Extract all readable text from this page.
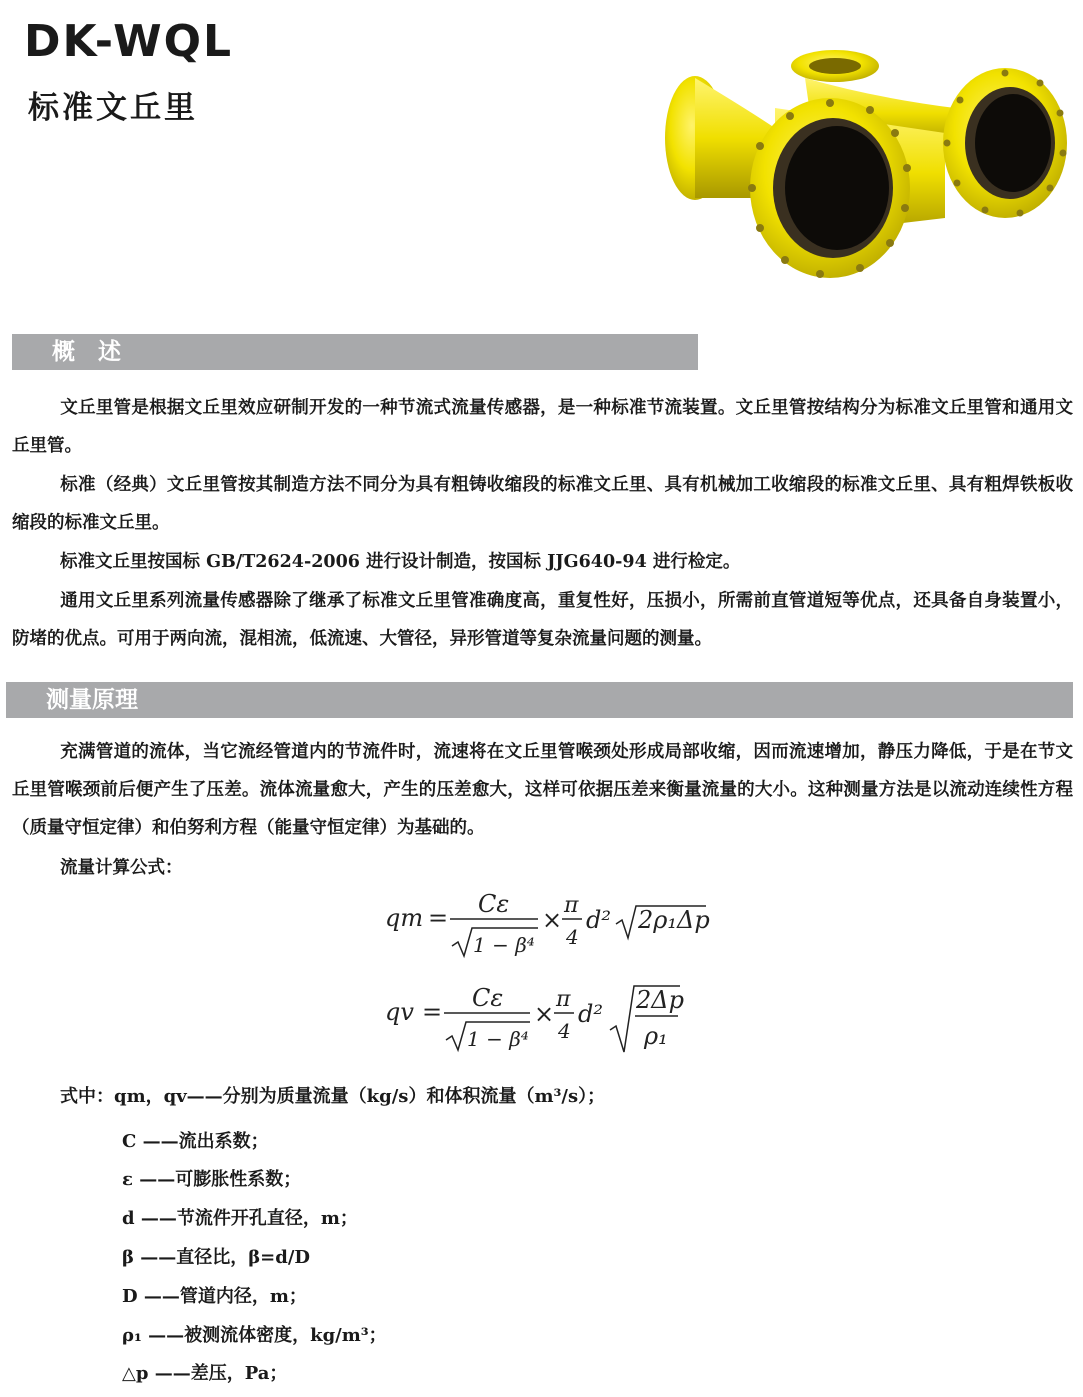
DK-WQL
标准文丘里
概　述

文丘里管是根据文丘里效应研制开发的一种节流式流量传感器，是一种标准节流装置。文丘里管按结构分为标准文丘里管和通用文丘里管。

标准（经典）文丘里管按其制造方法不同分为具有粗铸收缩段的标准文丘里、具有机械加工收缩段的标准文丘里、具有粗焊铁板收缩段的标准文丘里。

标准文丘里按国标 GB/T2624-2006 进行设计制造，按国标 JJG640-94 进行检定。

通用文丘里系列流量传感器除了继承了标准文丘里管准确度高，重复性好，压损小，所需前直管道短等优点，还具备自身装置小，防堵的优点。可用于两向流，混相流，低流速、大管径，异形管道等复杂流量问题的测量。

测量原理

充满管道的流体，当它流经管道内的节流件时，流速将在文丘里管喉颈处形成局部收缩，因而流速增加，静压力降低，于是在节文丘里管喉颈前后便产生了压差。流体流量愈大，产生的压差愈大，这样可依据压差来衡量流量的大小。这种测量方法是以流动连续性方程（质量守恒定律）和伯努利方程（能量守恒定律）为基础的。

流量计算公式：

qm = Cε
1 − β⁴
×
π
4
d² 2ρ₁Δp
qv = Cε
1 − β⁴
×
π
4
d² 2Δp
ρ₁
式中：qm，qv——分别为质量流量（kg/s）和体积流量（m³/s）；
C ——流出系数；
ε ——可膨胀性系数；
d ——节流件开孔直径，m；
β ——直径比，β=d/D
D ——管道内径，m；
ρ₁ ——被测流体密度，kg/m³；
△p ——差压，Pa；
